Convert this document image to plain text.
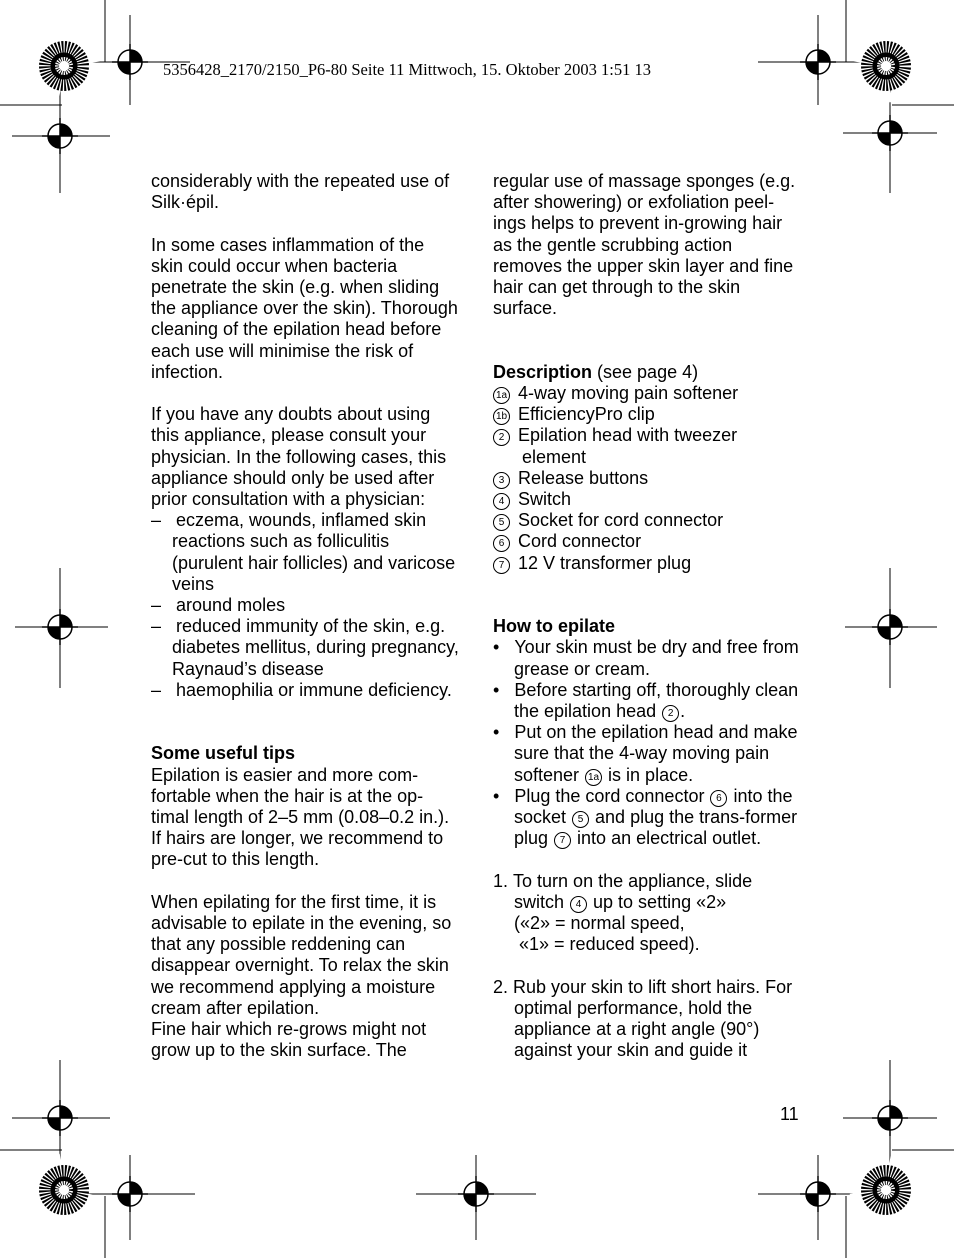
5356428_2170/2150_P6-80 Seite 11 Mittwoch, 15. Oktober 2003 1:51 13

considerably with the repeated use of Silk·épil.

In some cases inflammation of the skin could occur when bacteria penetrate the skin (e.g. when sliding the appliance over the skin). Thorough cleaning of the epilation head before each use will minimise the risk of infection.

If you have any doubts about using this appliance, please consult your physician. In the following cases, this appliance should only be used after prior consultation with a physician:

– eczema, wounds, inflamed skin reactions such as folliculitis (purulent hair follicles) and varicose veins

– around moles

– reduced immunity of the skin, e.g. diabetes mellitus, during pregnancy, Raynaud’s disease

– haemophilia or immune deficiency.

Some useful tips

Epilation is easier and more com-fortable when the hair is at the op-timal length of 2–5 mm (0.08–0.2 in.). If hairs are longer, we recommend to pre-cut to this length.

When epilating for the first time, it is advisable to epilate in the evening, so that any possible reddening can disappear overnight. To relax the skin we recommend applying a moisture cream after epilation.

Fine hair which re-grows might not grow up to the skin surface. The

regular use of massage sponges (e.g. after showering) or exfoliation peel-ings helps to prevent in-growing hair as the gentle scrubbing action removes the upper skin layer and fine hair can get through to the skin surface.

Description (see page 4)

1a 4-way moving pain softener

1b EfficiencyPro clip

2 Epilation head with tweezer element

3 Release buttons

4 Switch

5 Socket for cord connector

6 Cord connector

7 12 V transformer plug

How to epilate

• Your skin must be dry and free from grease or cream.

• Before starting off, thoroughly clean the epilation head 2 .

• Put on the epilation head and make sure that the 4-way moving pain softener 1a is in place.

• Plug the cord connector 6 into the socket 5 and plug the trans-former plug 7 into an electrical outlet.

1. To turn on the appliance, slide switch 4 up to setting «2»
(«2» = normal speed,
«1» = reduced speed).

2. Rub your skin to lift short hairs. For optimal performance, hold the appliance at a right angle (90°) against your skin and guide it

11
